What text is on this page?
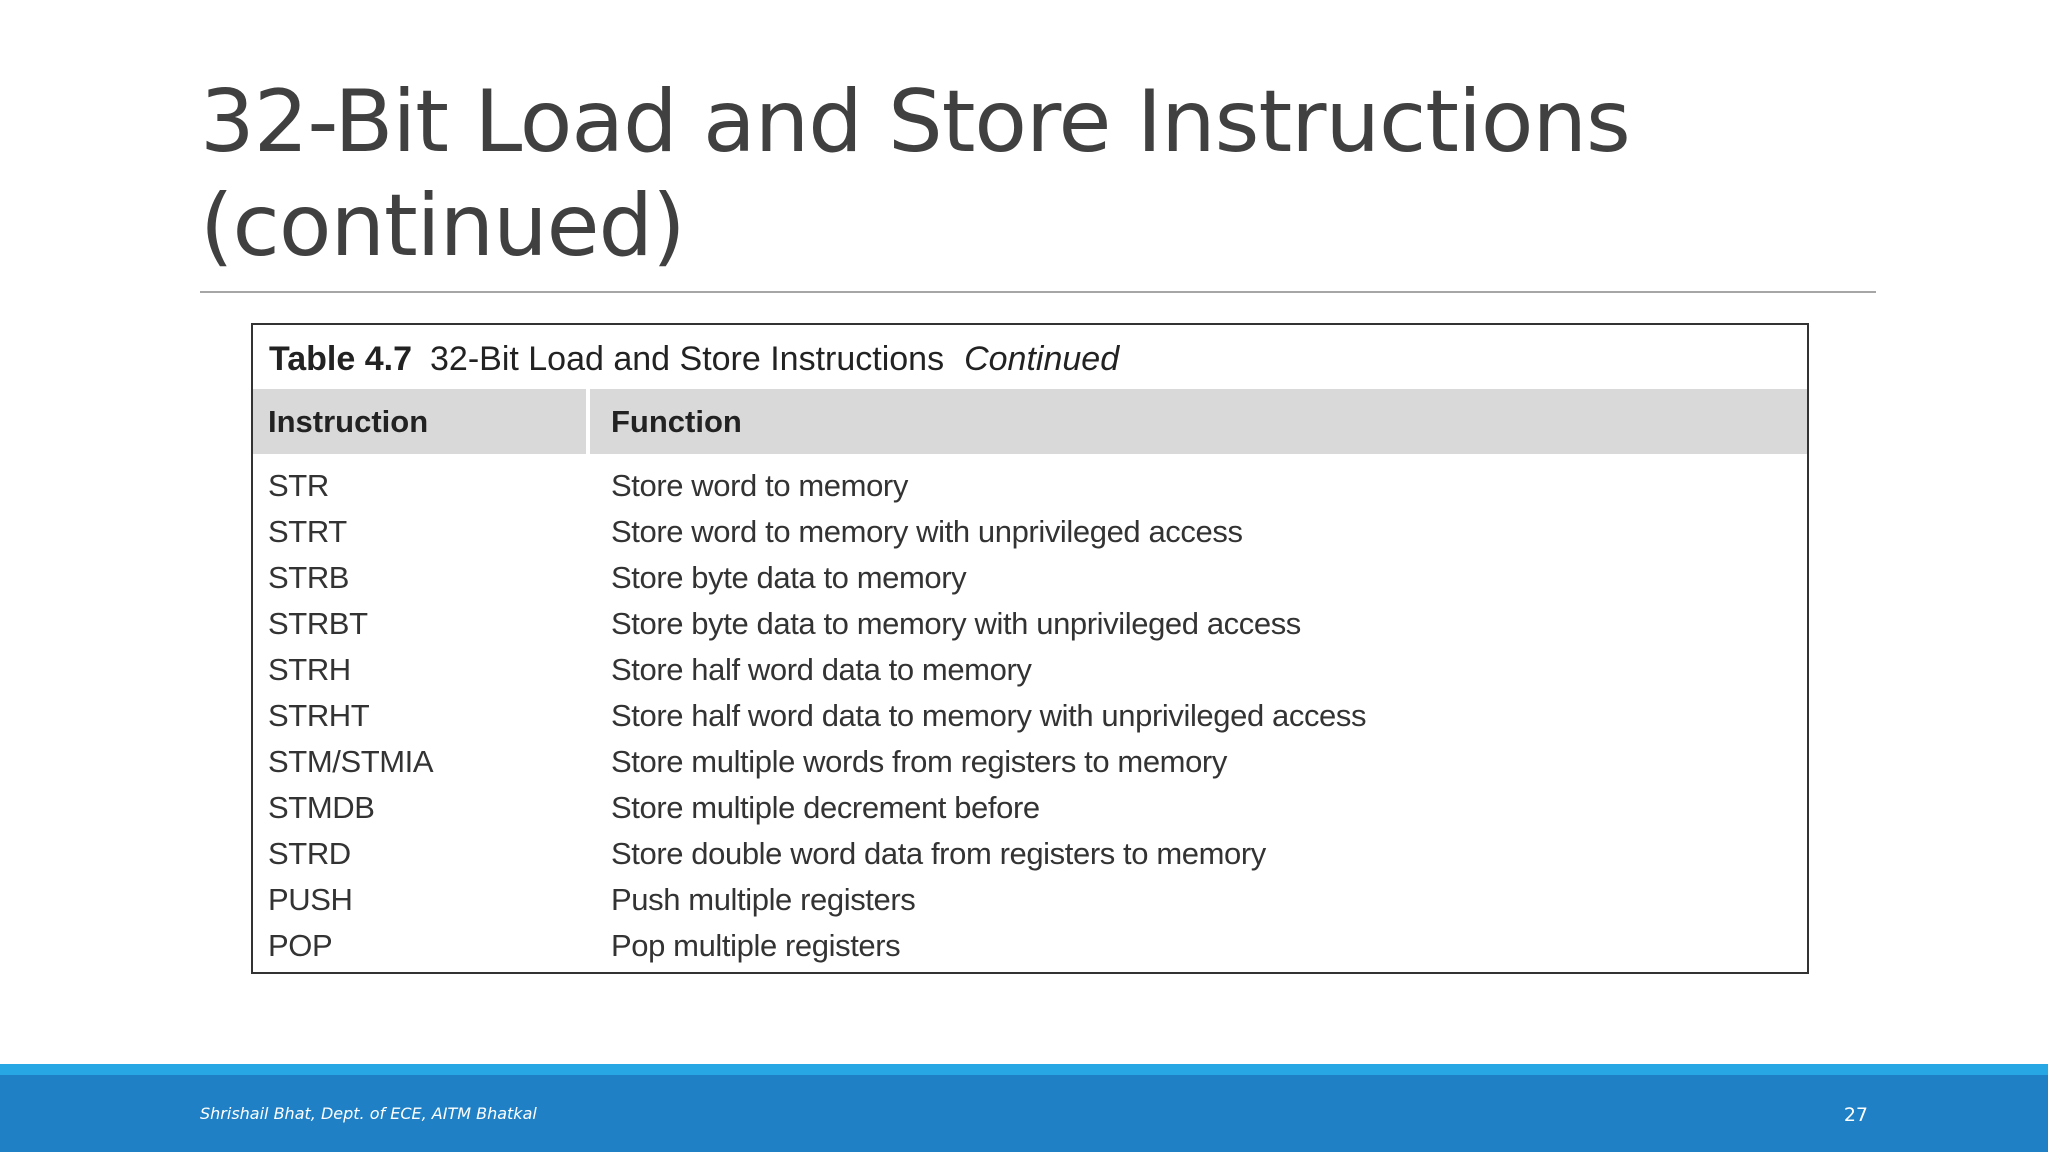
32-Bit Load and Store Instructions (continued)
Table 4.7 32-Bit Load and Store Instructions Continued
Instruction	Function
STR	Store word to memory
STRT	Store word to memory with unprivileged access
STRB	Store byte data to memory
STRBT	Store byte data to memory with unprivileged access
STRH	Store half word data to memory
STRHT	Store half word data to memory with unprivileged access
STM/STMIA	Store multiple words from registers to memory
STMDB	Store multiple decrement before
STRD	Store double word data from registers to memory
PUSH	Push multiple registers
POP	Pop multiple registers
Shrishail Bhat, Dept. of ECE, AITM Bhatkal	27
